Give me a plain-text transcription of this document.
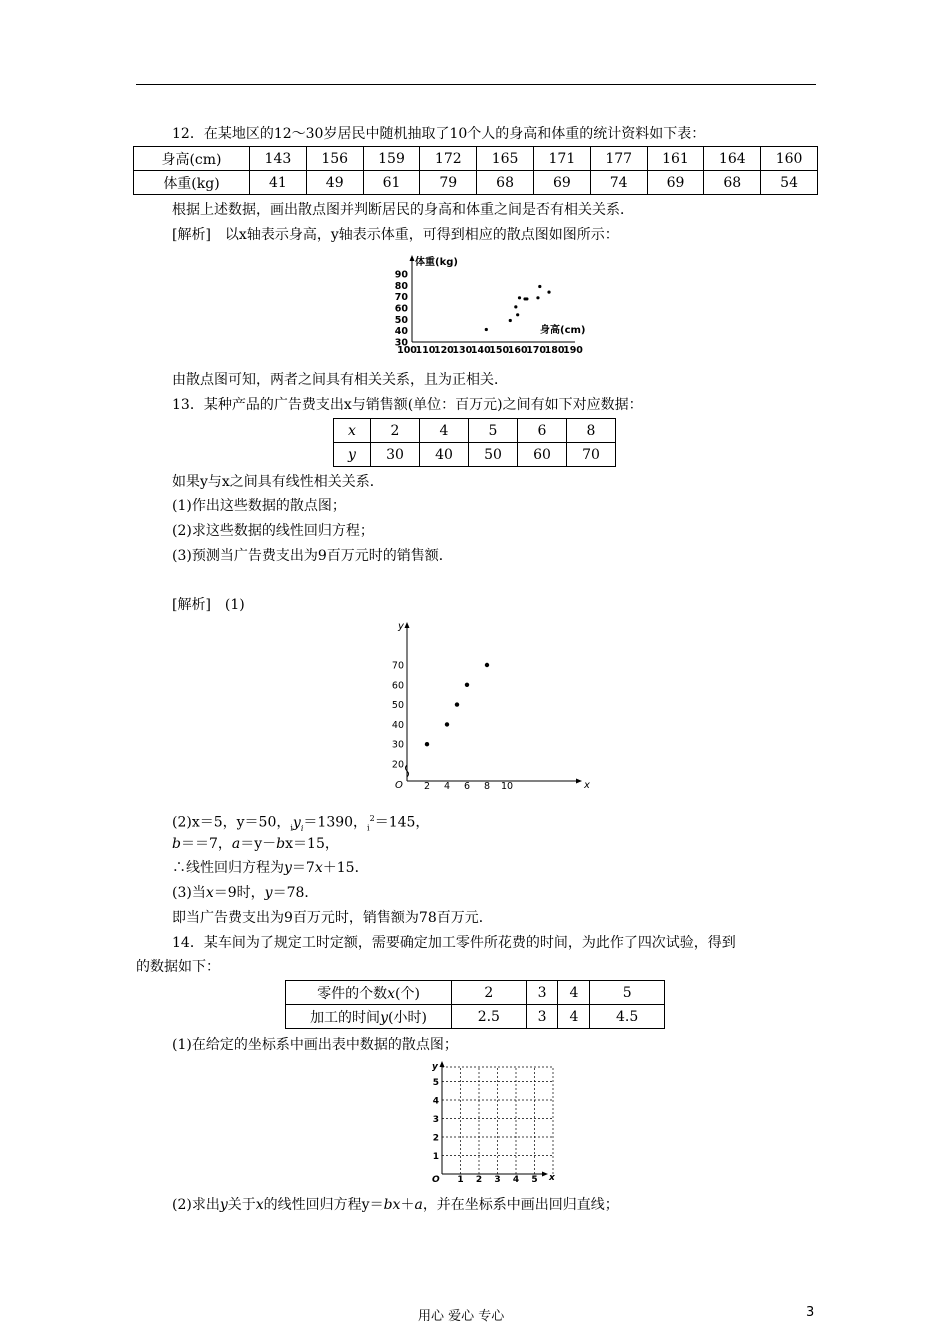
12．在某地区的12～30岁居民中随机抽取了10个人的身高和体重的统计资料如下表：
身高(cm)	143	156	159	172	165	171	177	161	164	160
体重(kg)	41	49	61	79	68	69	74	69	68	54
根据上述数据，画出散点图并判断居民的身高和体重之间是否有相关关系．
[解析]　以x轴表示身高，y轴表示体重，可得到相应的散点图如图所示：
体重(kg)
身高(cm)
100
110
120
130
140
150
160
170
180
190
30
40
50
60
70
80
90
由散点图可知，两者之间具有相关关系，且为正相关．
13．某种产品的广告费支出x与销售额(单位：百万元)之间有如下对应数据：
x	2	4	5	6	8
y	30	40	50	60	70
如果y与x之间具有线性相关关系．
(1)作出这些数据的散点图；
(2)求这些数据的线性回归方程；
(3)预测当广告费支出为9百万元时的销售额．
[解析]　(1)
y
x
O 2 4 6 8 10
20
30
40
50
60
70
(2)x＝5，y＝50，$_iy_i=1390$，$_i^2$＝145，
b＝＝7，a＝y－bx＝15，
∴线性回归方程为y＝7x＋15．
(3)当x＝9时，y＝78．
即当广告费支出为9百万元时，销售额为78百万元．
14．某车间为了规定工时定额，需要确定加工零件所花费的时间，为此作了四次试验，得到
的数据如下：
零件的个数x(个)	2	3	4	5
加工的时间y(小时)	2.5	3	4	4.5
(1)在给定的坐标系中画出表中数据的散点图；
y
x
O 1 2 3 4 5
1
2
3
4
5
(2)求出y关于x的线性回归方程y＝bx＋a，并在坐标系中画出回归直线；
用心 爱心 专心	3
